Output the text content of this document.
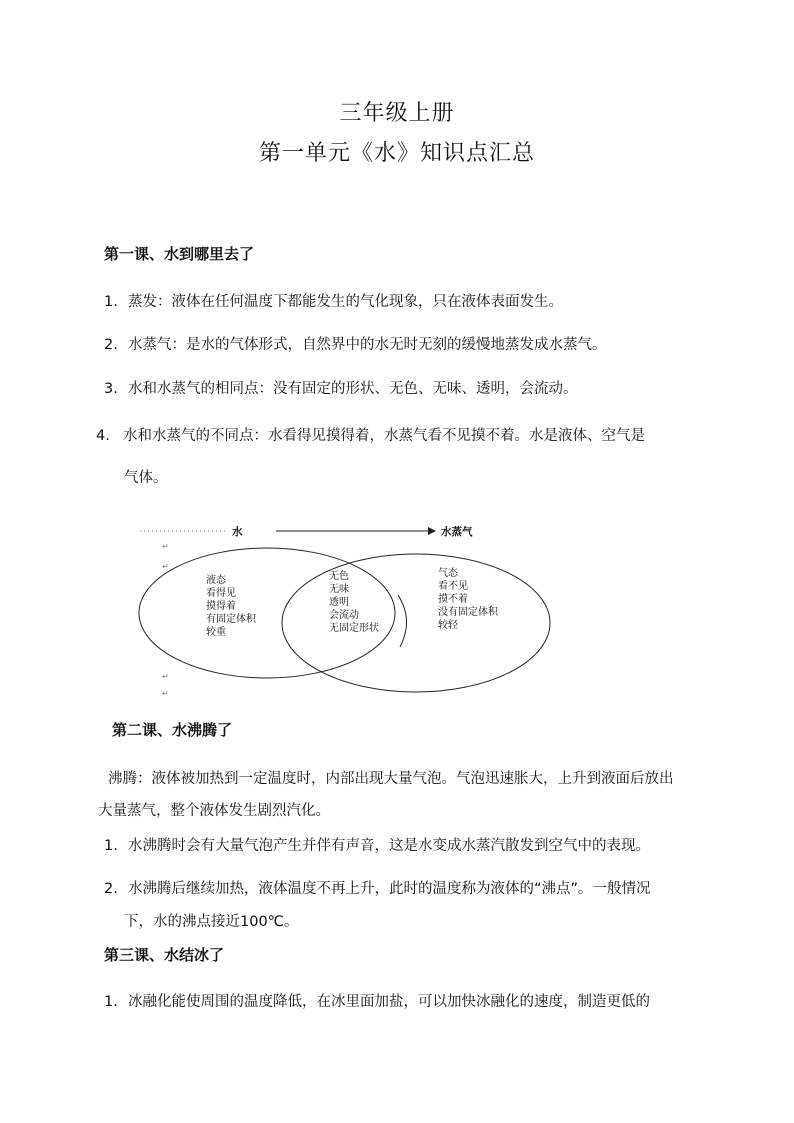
三年级上册
第一单元《水》知识点汇总
第一课、水到哪里去了
1. 蒸发：液体在任何温度下都能发生的气化现象，只在液体表面发生。
2. 水蒸气：是水的气体形式，自然界中的水无时无刻的缓慢地蒸发成水蒸气。
3. 水和水蒸气的相同点：没有固定的形状、无色、无味、透明，会流动。
4. 水和水蒸气的不同点：水看得见摸得着，水蒸气看不见摸不着。水是液体、空气是
气体。
水	水蒸气
液态
看得见
摸得着
有固定体积
较重
无色
无味
透明
会流动
无固定形状
气态
看不见
摸不着
没有固定体积
较轻
↵
↵
↵
↵
第二课、水沸腾了
沸腾：液体被加热到一定温度时，内部出现大量气泡。气泡迅速胀大，上升到液面后放出
大量蒸气，整个液体发生剧烈汽化。
1. 水沸腾时会有大量气泡产生并伴有声音，这是水变成水蒸汽散发到空气中的表现。
2. 水沸腾后继续加热，液体温度不再上升，此时的温度称为液体的“沸点”。一般情况
下，水的沸点接近100℃。
第三课、水结冰了
1. 冰融化能使周围的温度降低，在冰里面加盐，可以加快冰融化的速度，制造更低的
